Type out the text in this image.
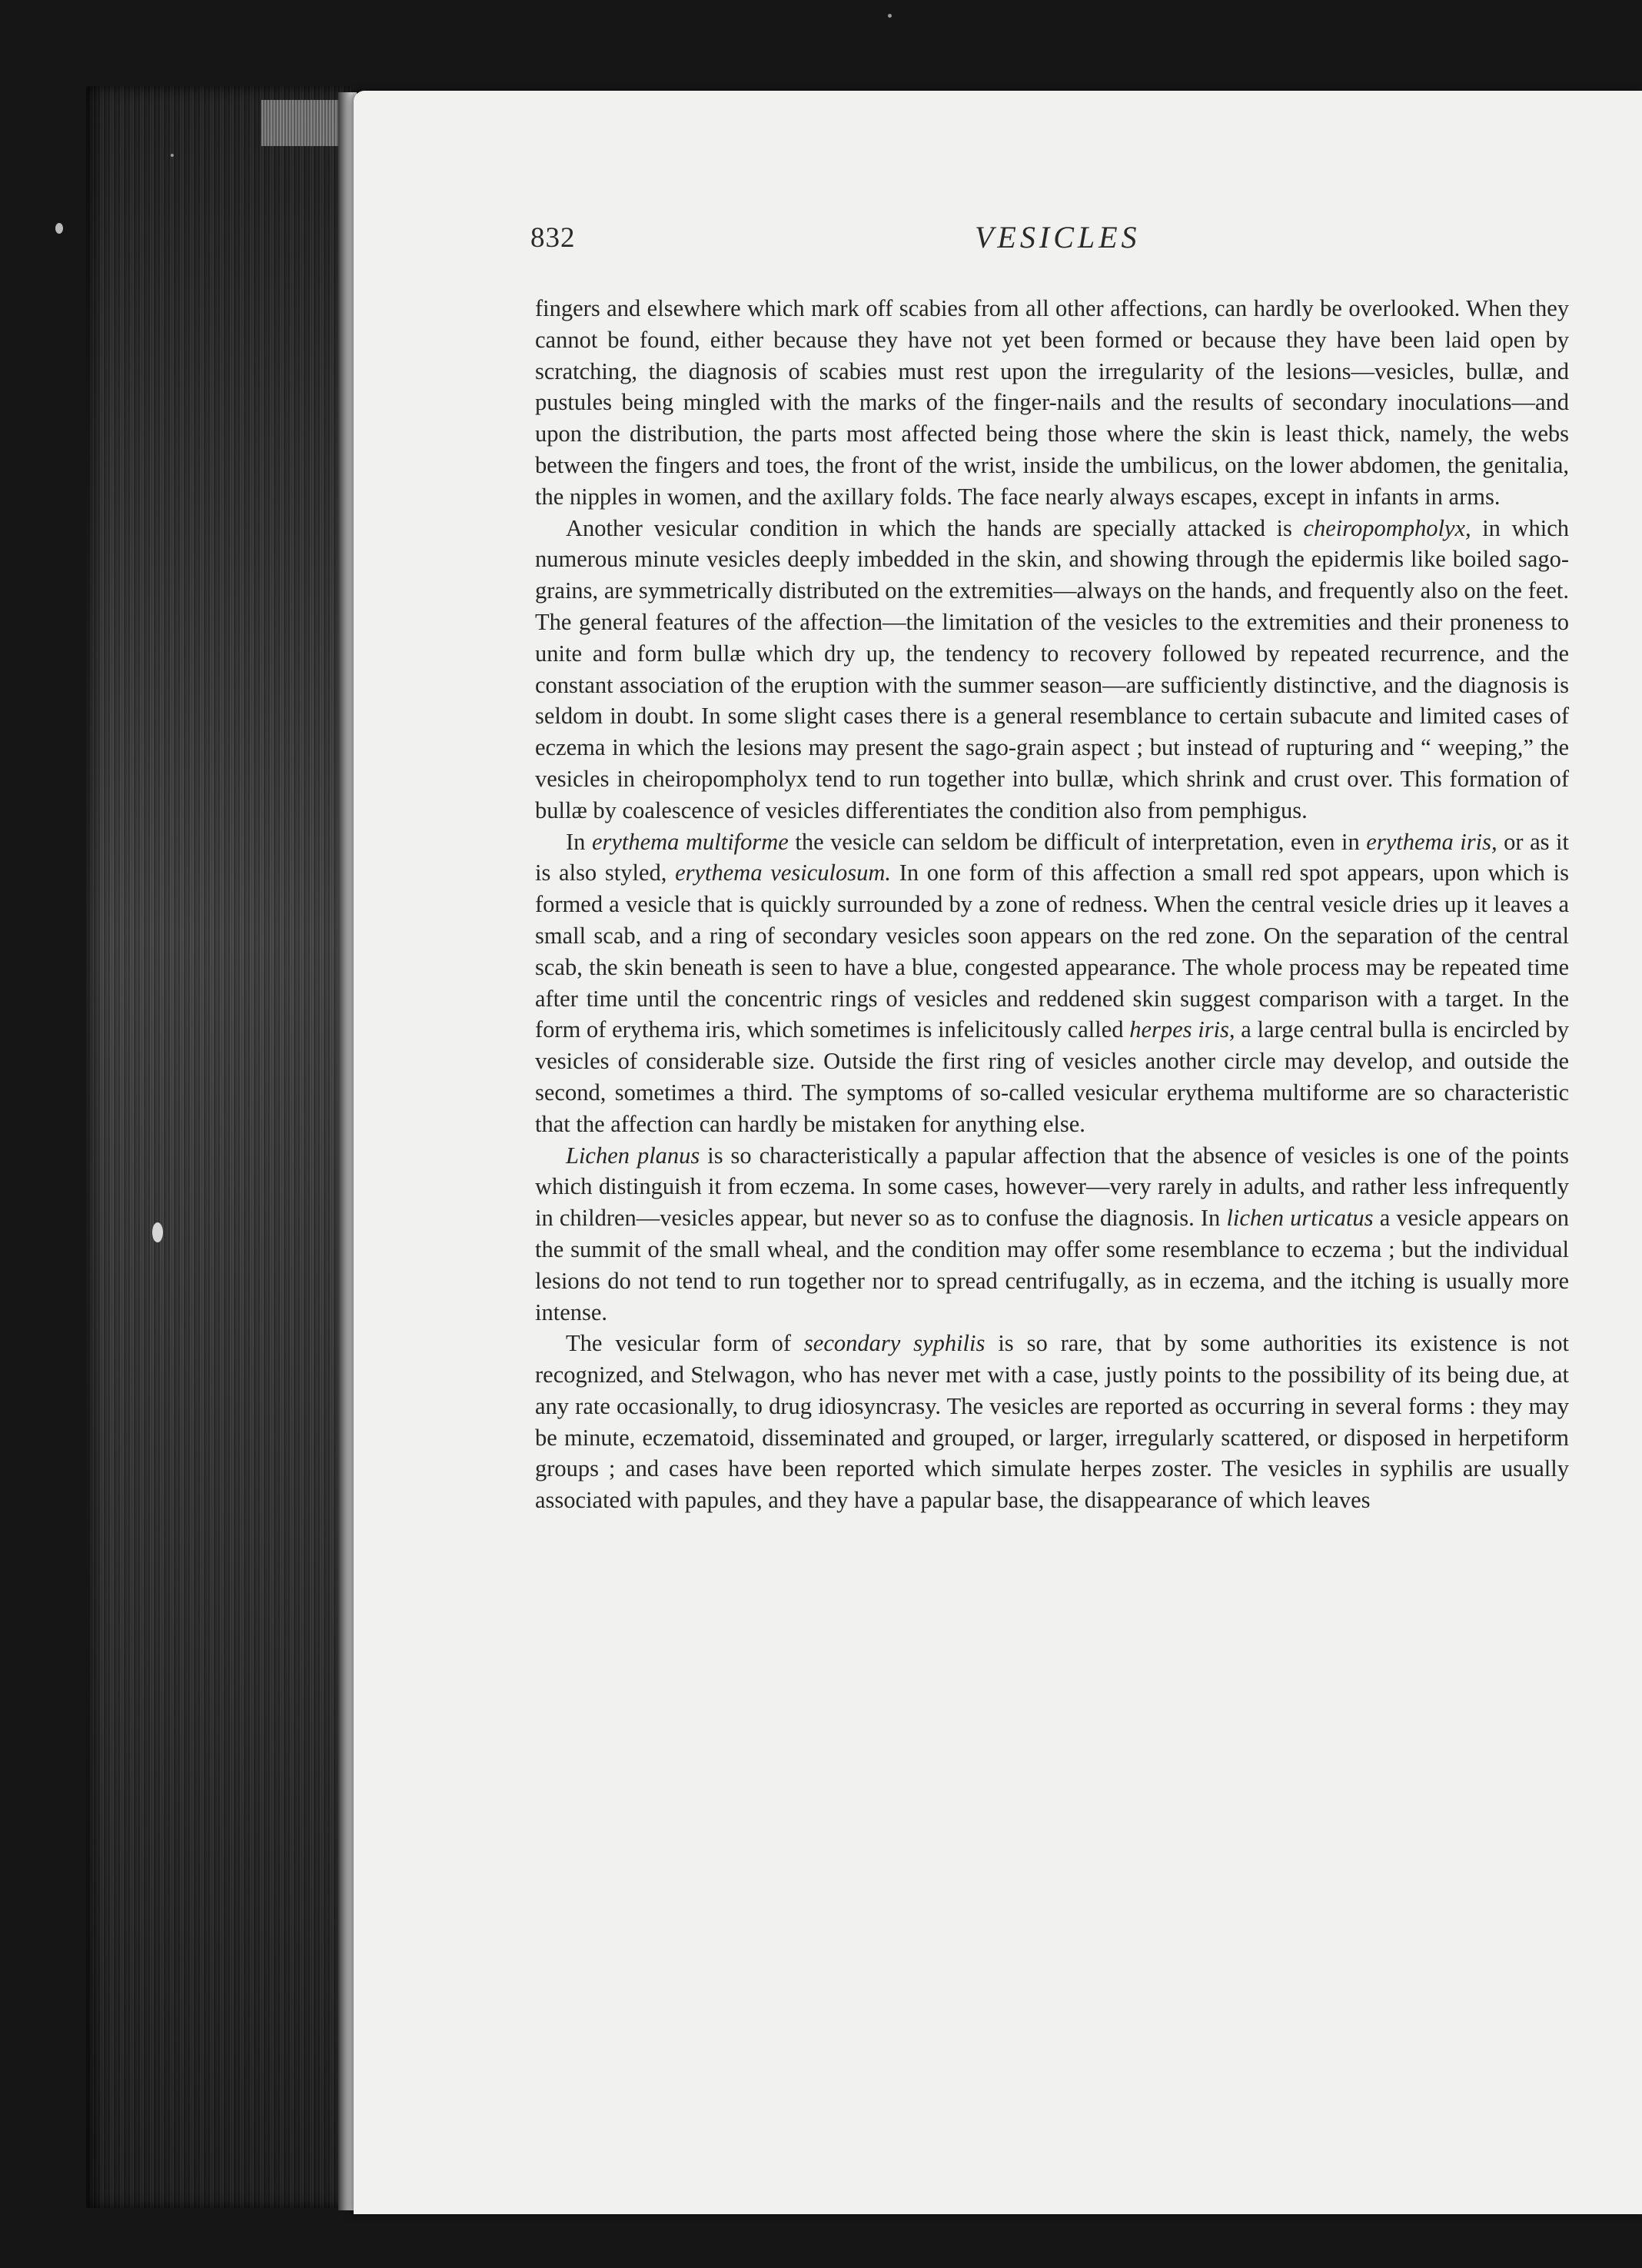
832	VESICLES

fingers and elsewhere which mark off scabies from all other affections, can hardly be overlooked. When they cannot be found, either because they have not yet been formed or because they have been laid open by scratching, the diagnosis of scabies must rest upon the irregularity of the lesions—vesicles, bullæ, and pustules being mingled with the marks of the finger-nails and the results of secondary inoculations—and upon the distribution, the parts most affected being those where the skin is least thick, namely, the webs between the fingers and toes, the front of the wrist, inside the umbilicus, on the lower abdomen, the genitalia, the nipples in women, and the axillary folds. The face nearly always escapes, except in infants in arms.

Another vesicular condition in which the hands are specially attacked is cheiropompholyx, in which numerous minute vesicles deeply imbedded in the skin, and showing through the epidermis like boiled sago-grains, are symmetrically distributed on the extremities—always on the hands, and frequently also on the feet. The general features of the affection—the limitation of the vesicles to the extremities and their proneness to unite and form bullæ which dry up, the tendency to recovery followed by repeated recurrence, and the constant association of the eruption with the summer season—are sufficiently distinctive, and the diagnosis is seldom in doubt. In some slight cases there is a general resemblance to certain subacute and limited cases of eczema in which the lesions may present the sago-grain aspect ; but instead of rupturing and “ weeping,” the vesicles in cheiropompholyx tend to run together into bullæ, which shrink and crust over. This formation of bullæ by coalescence of vesicles differentiates the condition also from pemphigus.

In erythema multiforme the vesicle can seldom be difficult of interpretation, even in erythema iris, or as it is also styled, erythema vesiculosum. In one form of this affection a small red spot appears, upon which is formed a vesicle that is quickly surrounded by a zone of redness. When the central vesicle dries up it leaves a small scab, and a ring of secondary vesicles soon appears on the red zone. On the separation of the central scab, the skin beneath is seen to have a blue, congested appearance. The whole process may be repeated time after time until the concentric rings of vesicles and reddened skin suggest comparison with a target. In the form of erythema iris, which sometimes is infelicitously called herpes iris, a large central bulla is encircled by vesicles of considerable size. Outside the first ring of vesicles another circle may develop, and outside the second, sometimes a third. The symptoms of so-called vesicular erythema multiforme are so characteristic that the affection can hardly be mistaken for anything else.

Lichen planus is so characteristically a papular affection that the absence of vesicles is one of the points which distinguish it from eczema. In some cases, however—very rarely in adults, and rather less infrequently in children—vesicles appear, but never so as to confuse the diagnosis. In lichen urticatus a vesicle appears on the summit of the small wheal, and the condition may offer some resemblance to eczema ; but the individual lesions do not tend to run together nor to spread centrifugally, as in eczema, and the itching is usually more intense.

The vesicular form of secondary syphilis is so rare, that by some authorities its existence is not recognized, and Stelwagon, who has never met with a case, justly points to the possibility of its being due, at any rate occasionally, to drug idiosyncrasy. The vesicles are reported as occurring in several forms : they may be minute, eczematoid, disseminated and grouped, or larger, irregularly scattered, or disposed in herpetiform groups ; and cases have been reported which simulate herpes zoster. The vesicles in syphilis are usually associated with papules, and they have a papular base, the disappearance of which leaves
